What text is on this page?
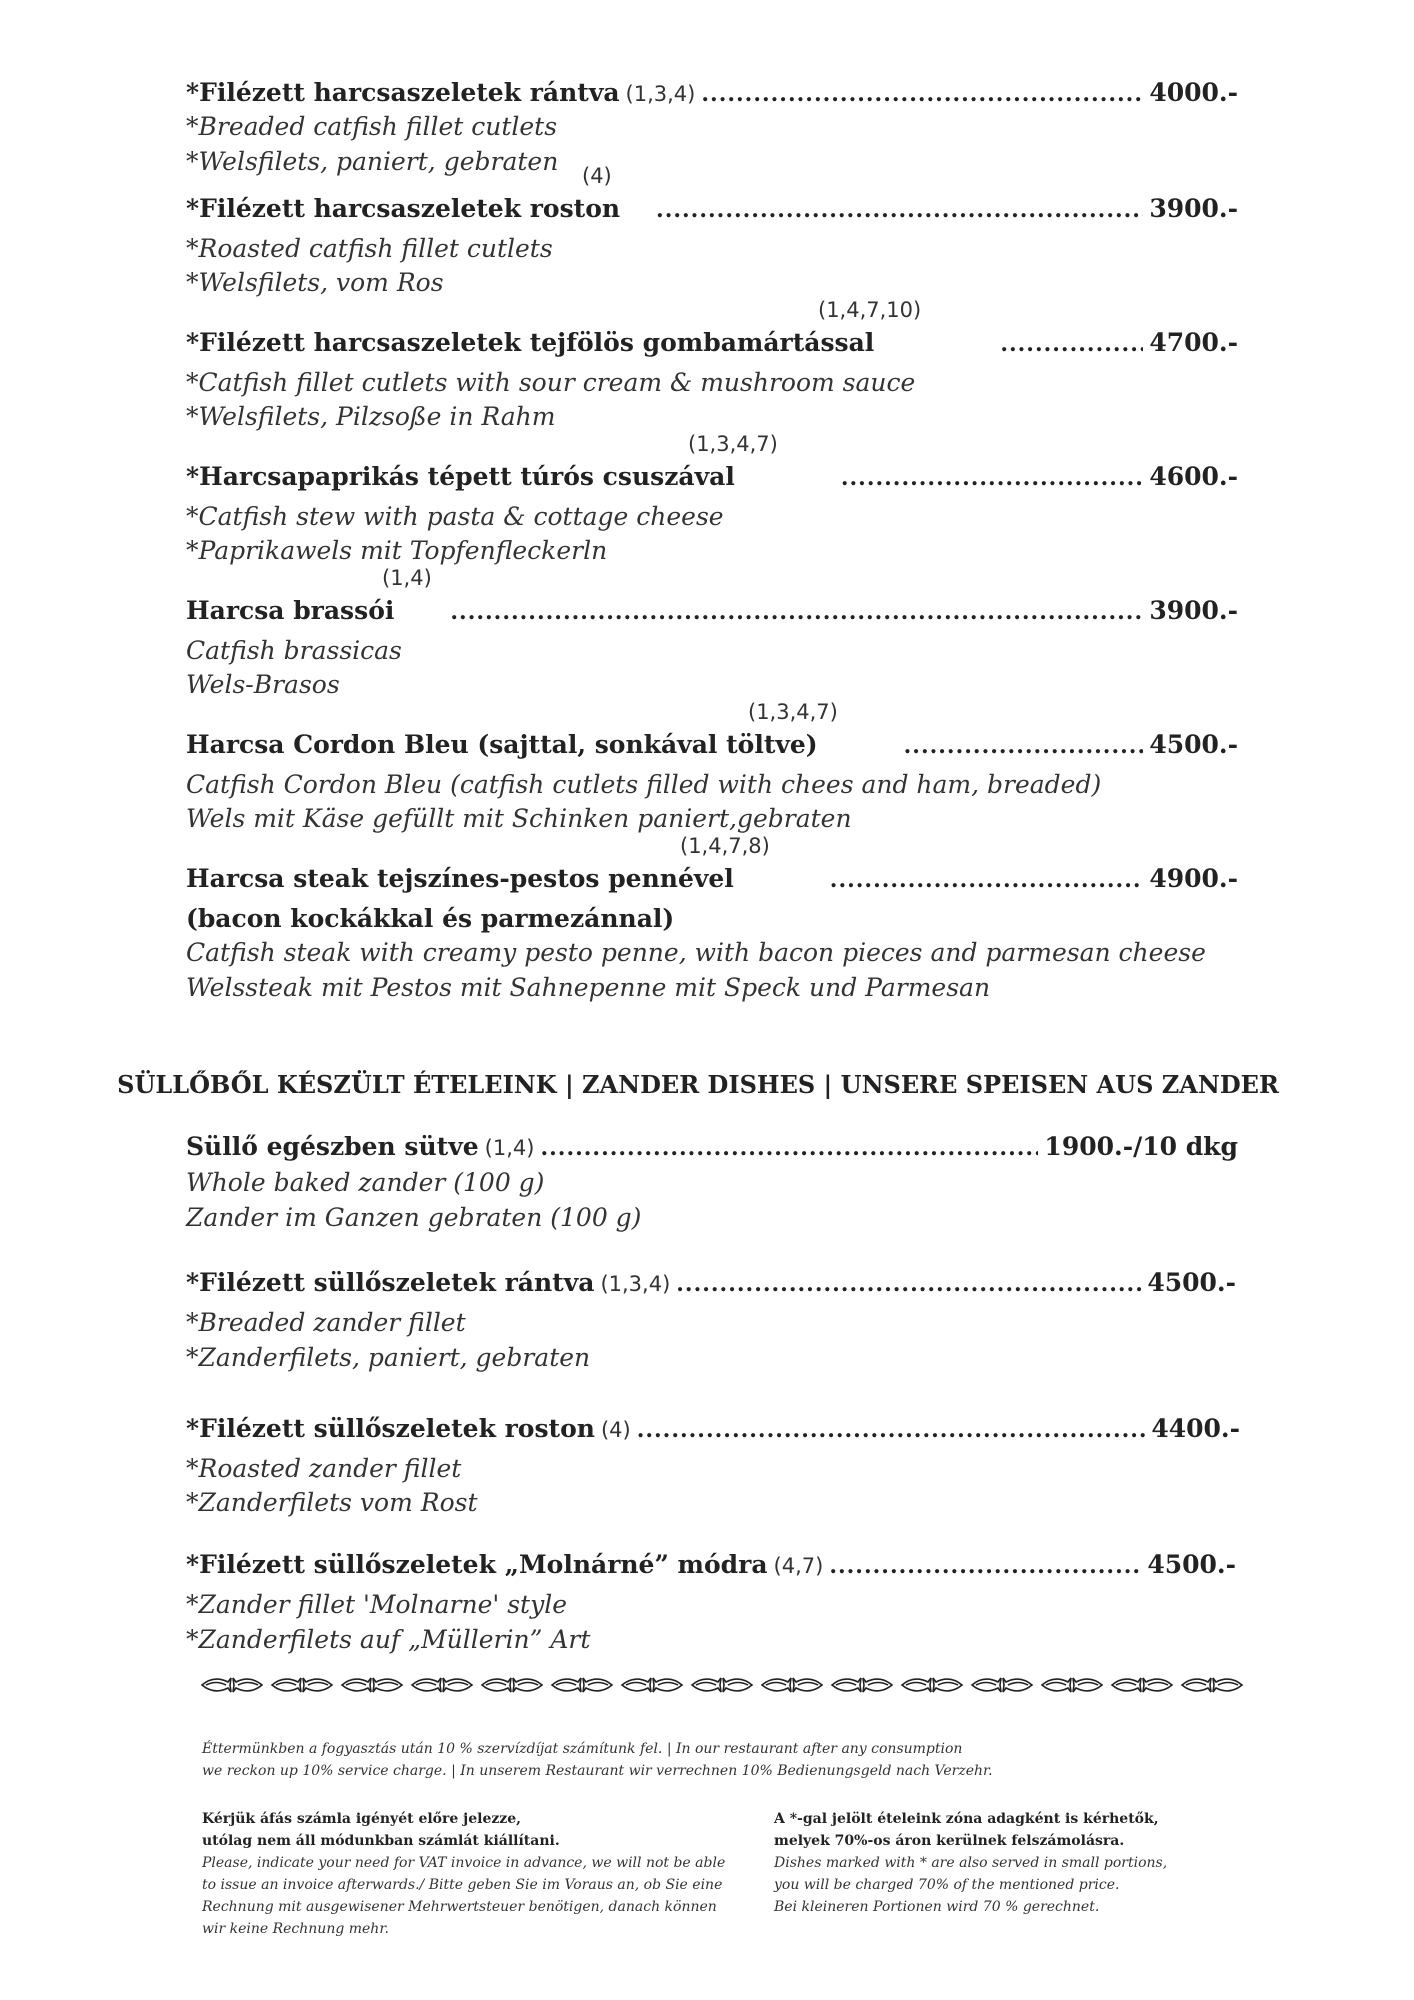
*Filézett harcsaszeletek rántva (1,3,4) .....	4000.-
*Breaded catfish fillet cutlets
*Welsfilets, paniert, gebraten (4)
*Filézett harcsaszeletek roston .....	3900.-
*Roasted catfish fillet cutlets
*Welsfilets, vom Ros
(1,4,7,10)
*Filézett harcsaszeletek tejfölös gombamártással .....	4700.-
*Catfish fillet cutlets with sour cream & mushroom sauce
*Welsfilets, Pilzsoße in Rahm
(1,3,4,7)
*Harcsapaprikás tépett túrós csuszával .....	4600.-
*Catfish stew with pasta & cottage cheese
*Paprikawels mit Topfenfleckerln
(1,4)
Harcsa brassói .....	3900.-
Catfish brassicas
Wels-Brasos
(1,3,4,7)
Harcsa Cordon Bleu (sajttal, sonkával töltve) .....	4500.-
Catfish Cordon Bleu (catfish cutlets filled with chees and ham, breaded)
Wels mit Käse gefüllt mit Schinken paniert,gebraten
(1,4,7,8)
Harcsa steak tejszínes-pestos pennével .....	4900.-
(bacon kockákkal és parmezánnal)
Catfish steak with creamy pesto penne, with bacon pieces and parmesan cheese
Welssteak mit Pestos mit Sahnepenne mit Speck und Parmesan
SÜLLŐBŐL KÉSZÜLT ÉTELEINK | ZANDER DISHES | UNSERE SPEISEN AUS ZANDER
Süllő egészben sütve (1,4) .....	1900.-/10 dkg
Whole baked zander (100 g)
Zander im Ganzen gebraten (100 g)
*Filézett süllőszeletek rántva (1,3,4) .....	4500.-
*Breaded zander fillet
*Zanderfilets, paniert, gebraten
*Filézett süllőszeletek roston (4) .....	4400.-
*Roasted zander fillet
*Zanderfilets vom Rost
*Filézett süllőszeletek „Molnárné” módra (4,7) .....	4500.-
*Zander fillet 'Molnarne' style
*Zanderfilets auf „Müllerin” Art
Éttermünkben a fogyasztás után 10 % szervízdíjat számítunk fel. | In our restaurant after any consumption
we reckon up 10% service charge. | In unserem Restaurant wir verrechnen 10% Bedienungsgeld nach Verzehr.
Kérjük áfás számla igényét előre jelezze,
utólag nem áll módunkban számlát kiállítani.
Please, indicate your need for VAT invoice in advance, we will not be able
to issue an invoice afterwards./ Bitte geben Sie im Voraus an, ob Sie eine
Rechnung mit ausgewisener Mehrwertsteuer benötigen, danach können
wir keine Rechnung mehr.
A *-gal jelölt ételeink zóna adagként is kérhetők,
melyek 70%-os áron kerülnek felszámolásra.
Dishes marked with * are also served in small portions,
you will be charged 70% of the mentioned price.
Bei kleineren Portionen wird 70 % gerechnet.
